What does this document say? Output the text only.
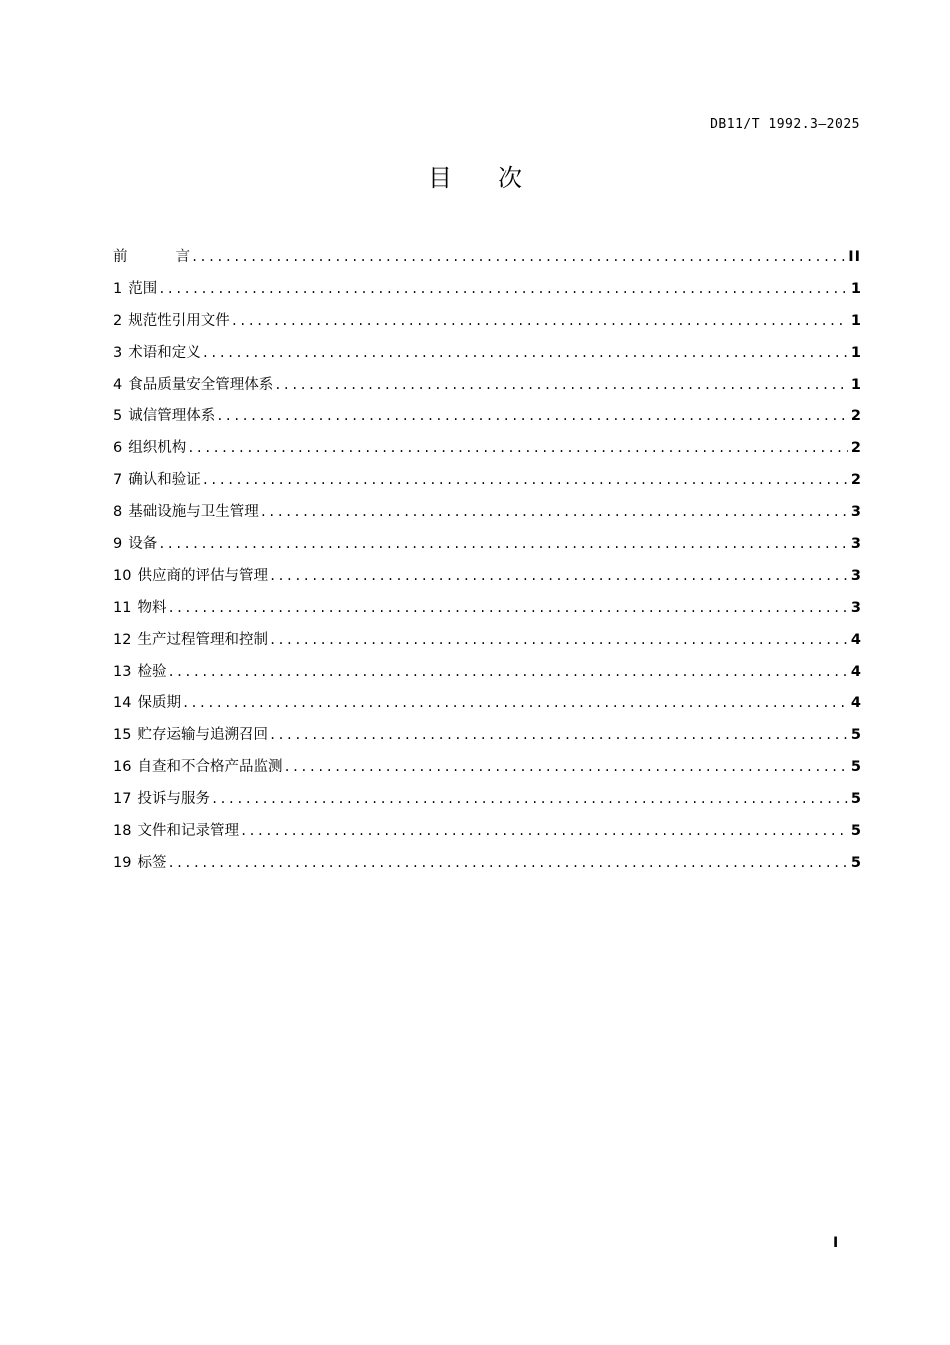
DB11/T 1992.3—2025
目 次
前	言 .....	II
1 范围 .....	1
2 规范性引用文件 .....	1
3 术语和定义 .....	1
4 食品质量安全管理体系 .....	1
5 诚信管理体系 .....	2
6 组织机构 .....	2
7 确认和验证 .....	2
8 基础设施与卫生管理 .....	3
9 设备 .....	3
10 供应商的评估与管理 .....	3
11 物料 .....	3
12 生产过程管理和控制 .....	4
13 检验 .....	4
14 保质期 .....	4
15 贮存运输与追溯召回 .....	5
16 自查和不合格产品监测 .....	5
17 投诉与服务 .....	5
18 文件和记录管理 .....	5
19 标签 .....	5
I
